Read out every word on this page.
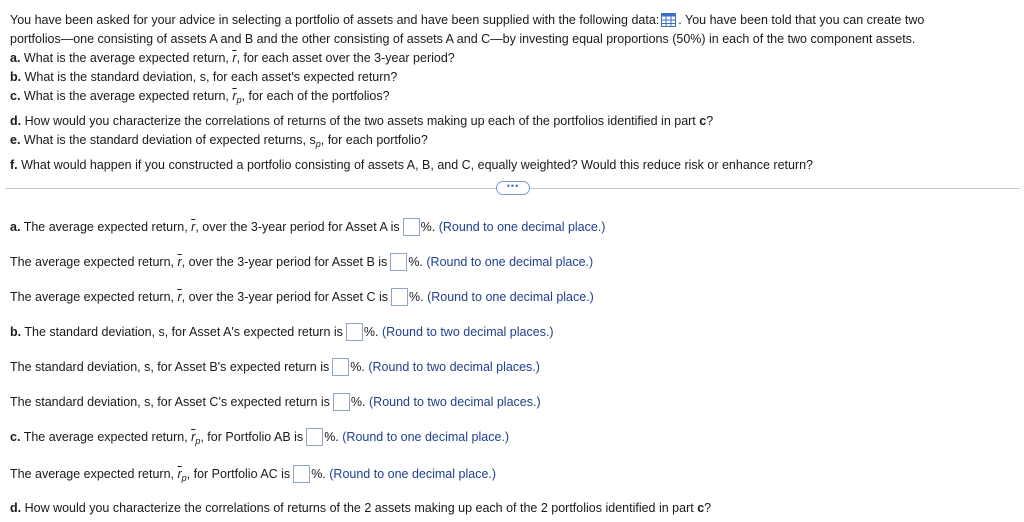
You have been asked for your advice in selecting a portfolio of assets and have been supplied with the following data: . You have been told that you can create two
portfolios—one consisting of assets A and B and the other consisting of assets A and C—by investing equal proportions (50%) in each of the two component assets.
a. What is the average expected return, $\overline{r}$, for each asset over the 3-year period?
b. What is the standard deviation, s, for each asset's expected return?
c. What is the average expected return, $\overline{r}_p$, for each of the portfolios?
d. How would you characterize the correlations of returns of the two assets making up each of the portfolios identified in part c?
e. What is the standard deviation of expected returns, $s_p$, for each portfolio?
f. What would happen if you constructed a portfolio consisting of assets A, B, and C, equally weighted? Would this reduce risk or enhance return?
•••
a. The average expected return, $\overline{r}$, over the 3-year period for Asset A is %. (Round to one decimal place.)
The average expected return, $\overline{r}$, over the 3-year period for Asset B is %. (Round to one decimal place.)
The average expected return, $\overline{r}$, over the 3-year period for Asset C is %. (Round to one decimal place.)
b. The standard deviation, s, for Asset A's expected return is %. (Round to two decimal places.)
The standard deviation, s, for Asset B's expected return is %. (Round to two decimal places.)
The standard deviation, s, for Asset C's expected return is %. (Round to two decimal places.)
c. The average expected return, $\overline{r}_p$, for Portfolio AB is %. (Round to one decimal place.)
The average expected return, $\overline{r}_p$, for Portfolio AC is %. (Round to one decimal place.)
d. How would you characterize the correlations of returns of the 2 assets making up each of the 2 portfolios identified in part c?
